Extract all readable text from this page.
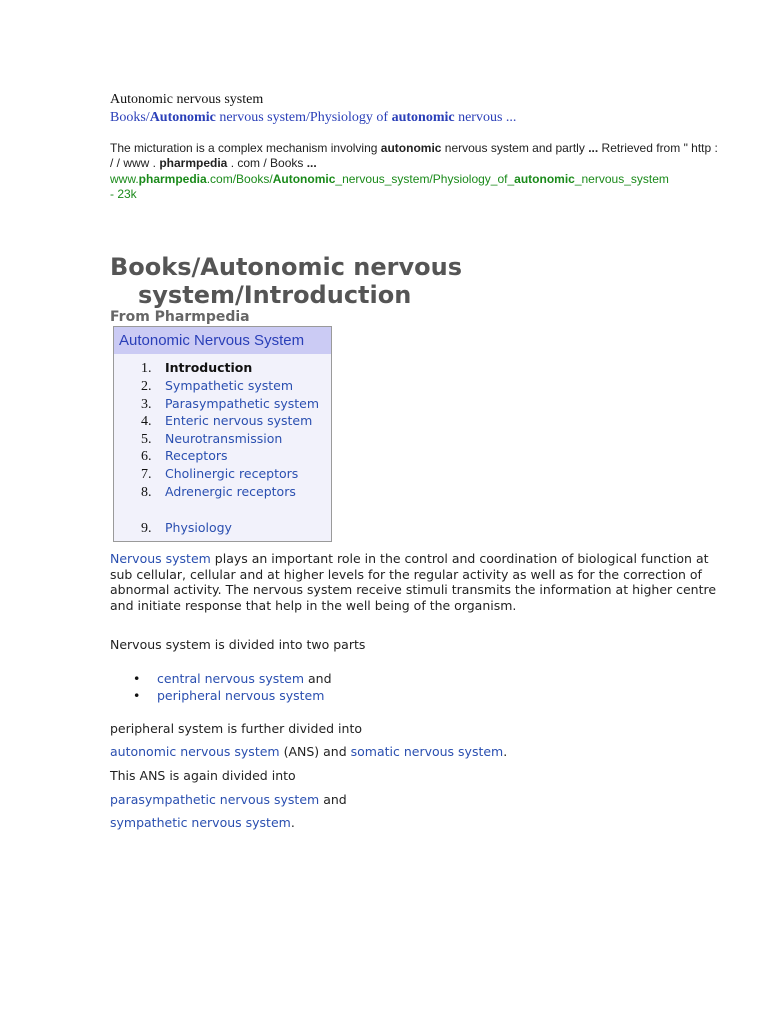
Autonomic nervous system
Books/Autonomic nervous system/Physiology of autonomic nervous ...
The micturation is a complex mechanism involving autonomic nervous system and partly ... Retrieved from " http : / / www . pharmpedia . com / Books ...
www.pharmpedia.com/Books/Autonomic_nervous_system/Physiology_of_autonomic_nervous_system
- 23k
Books/Autonomic nervous
system/Introduction
From Pharmpedia
Autonomic Nervous System
1. Introduction
2. Sympathetic system
3. Parasympathetic system
4. Enteric nervous system
5. Neurotransmission
6. Receptors
7. Cholinergic receptors
8. Adrenergic receptors
9. Physiology
Nervous system plays an important role in the control and coordination of biological function at sub cellular, cellular and at higher levels for the regular activity as well as for the correction of abnormal activity. The nervous system receive stimuli transmits the information at higher centre and initiate response that help in the well being of the organism.
Nervous system is divided into two parts
• central nervous system and
• peripheral nervous system
peripheral system is further divided into
autonomic nervous system (ANS) and somatic nervous system.
This ANS is again divided into
parasympathetic nervous system and
sympathetic nervous system.
